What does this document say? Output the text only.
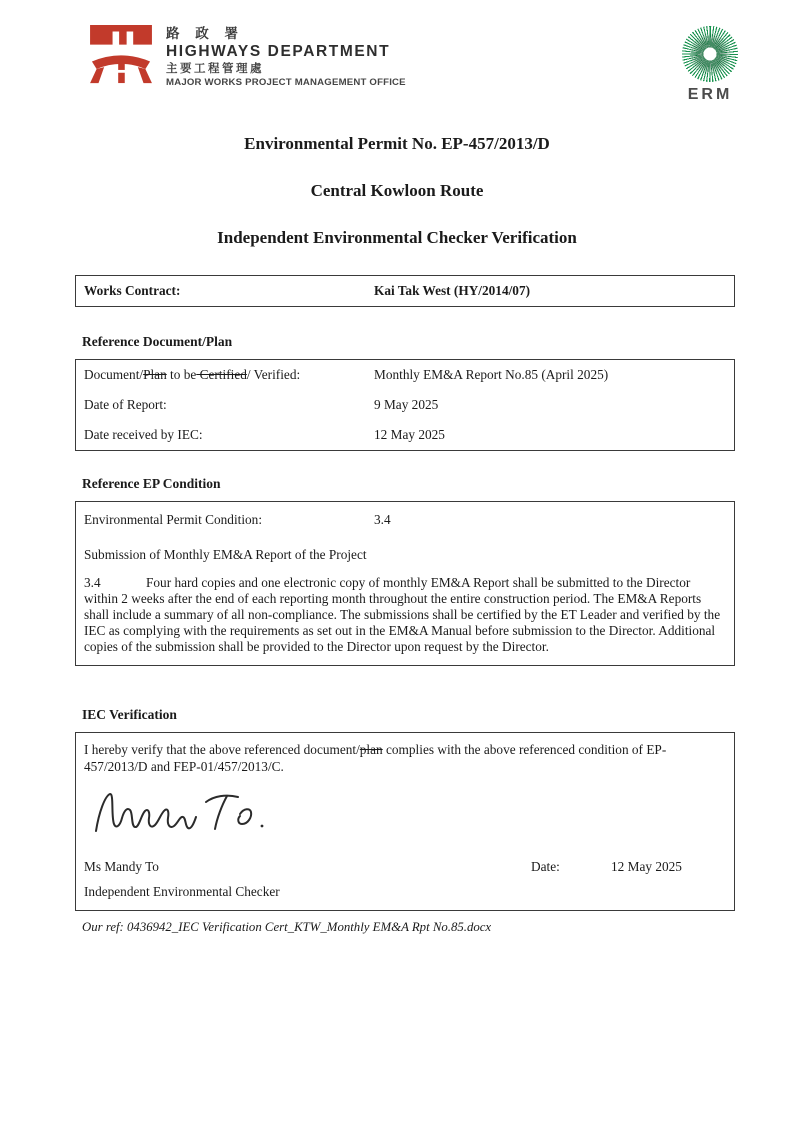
路 政 署
HIGHWAYS DEPARTMENT
主要工程管理處
MAJOR WORKS PROJECT MANAGEMENT OFFICE
ERM
Environmental Permit No. EP-457/2013/D
Central Kowloon Route
Independent Environmental Checker Verification
Works Contract:	Kai Tak West (HY/2014/07)
Reference Document/Plan
Document/Plan to be Certified/ Verified:	Monthly EM&A Report No.85 (April 2025)
Date of Report:	9 May 2025
Date received by IEC:	12 May 2025
Reference EP Condition
Environmental Permit Condition:	3.4
Submission of Monthly EM&A Report of the Project
3.4	Four hard copies and one electronic copy of monthly EM&A Report shall be submitted to the Director within 2 weeks after the end of each reporting month throughout the entire construction period. The EM&A Reports shall include a summary of all non-compliance. The submissions shall be certified by the ET Leader and verified by the IEC as complying with the requirements as set out in the EM&A Manual before submission to the Director. Additional copies of the submission shall be provided to the Director upon request by the Director.
IEC Verification
I hereby verify that the above referenced document/plan complies with the above referenced condition of EP-457/2013/D and FEP-01/457/2013/C.
Ms Mandy To	Date:	12 May 2025
Independent Environmental Checker
Our ref: 0436942_IEC Verification Cert_KTW_Monthly EM&A Rpt No.85.docx
